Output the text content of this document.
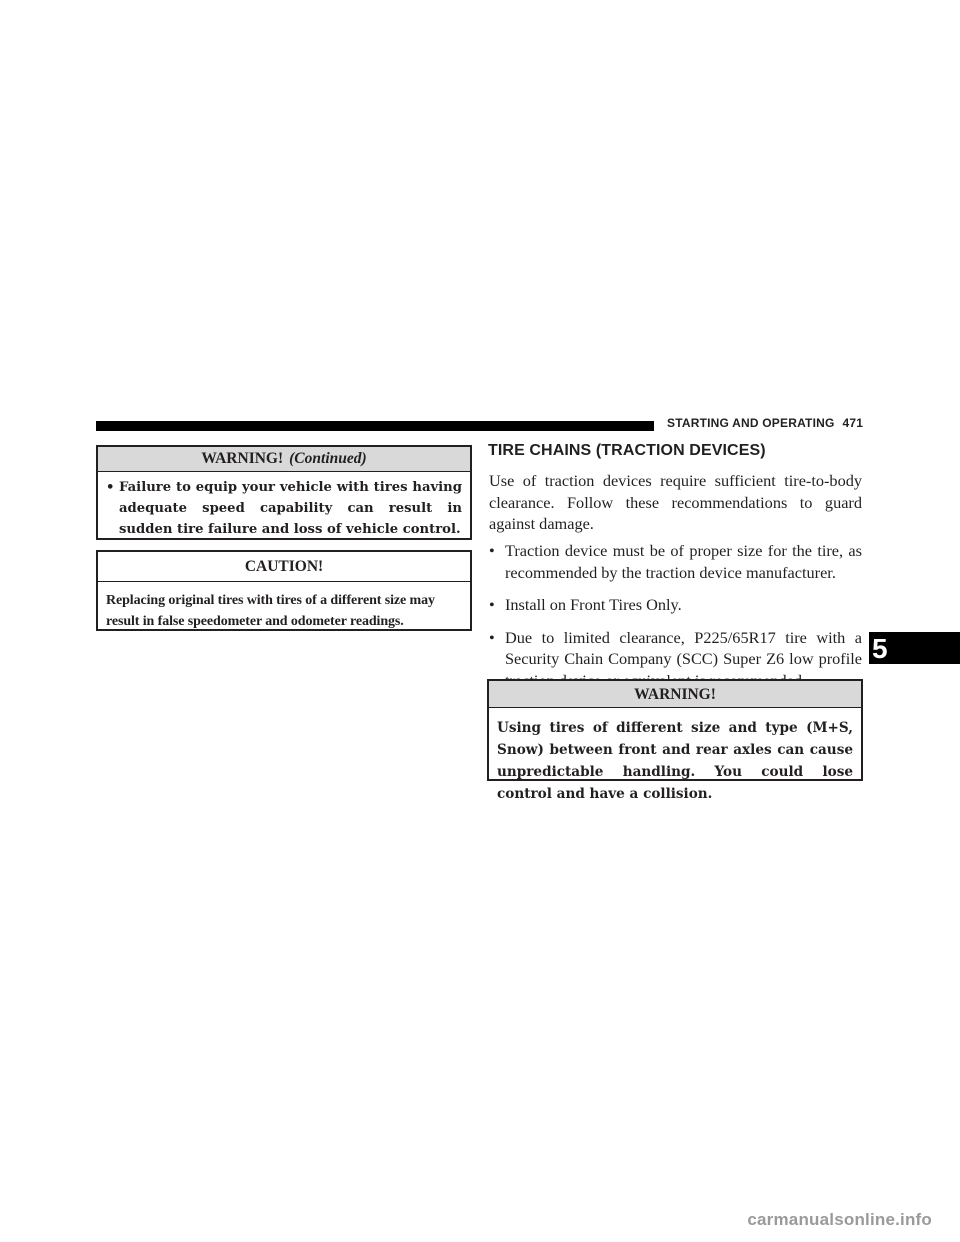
STARTING AND OPERATING 471
WARNING! (Continued)
• Failure to equip your vehicle with tires having adequate speed capability can result in sudden tire failure and loss of vehicle control.
CAUTION!
Replacing original tires with tires of a different size may result in false speedometer and odometer readings.
TIRE CHAINS (TRACTION DEVICES)
Use of traction devices require sufficient tire-to-body clearance. Follow these recommendations to guard against damage.
• Traction device must be of proper size for the tire, as recommended by the traction device manufacturer.
• Install on Front Tires Only.
• Due to limited clearance, P225/65R17 tire with a Security Chain Company (SCC) Super Z6 low profile
WARNING!
Using tires of different size and type (M+S, Snow) between front and rear axles can cause unpredictable handling. You could lose control and have a collision.
5
carmanualsonline.info
